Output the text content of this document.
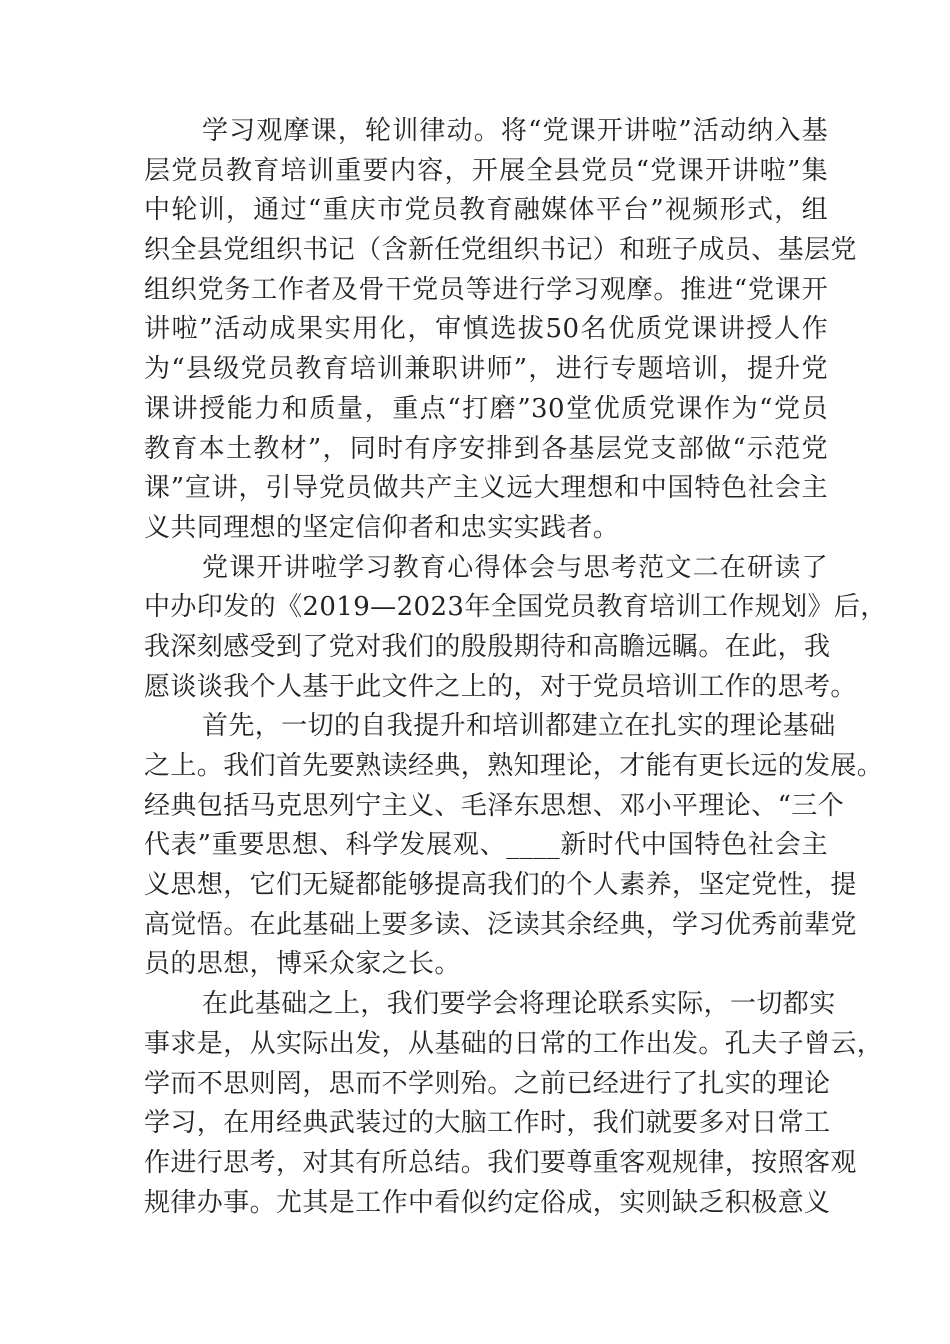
学习观摩课，轮训律动。将“党课开讲啦”活动纳入基
层党员教育培训重要内容，开展全县党员“党课开讲啦”集
中轮训，通过“重庆市党员教育融媒体平台”视频形式，组
织全县党组织书记（含新任党组织书记）和班子成员、基层党
组织党务工作者及骨干党员等进行学习观摩。推进“党课开
讲啦”活动成果实用化，审慎选拔50名优质党课讲授人作
为“县级党员教育培训兼职讲师”，进行专题培训，提升党
课讲授能力和质量，重点“打磨”30堂优质党课作为“党员
教育本土教材”，同时有序安排到各基层党支部做“示范党
课”宣讲，引导党员做共产主义远大理想和中国特色社会主
义共同理想的坚定信仰者和忠实实践者。
党课开讲啦学习教育心得体会与思考范文二在研读了
中办印发的《2019—2023年全国党员教育培训工作规划》后，
我深刻感受到了党对我们的殷殷期待和高瞻远瞩。在此，我
愿谈谈我个人基于此文件之上的，对于党员培训工作的思考。
首先，一切的自我提升和培训都建立在扎实的理论基础
之上。我们首先要熟读经典，熟知理论，才能有更长远的发展。
经典包括马克思列宁主义、毛泽东思想、邓小平理论、“三个
代表”重要思想、科学发展观、____新时代中国特色社会主
义思想，它们无疑都能够提高我们的个人素养，坚定党性，提
高觉悟。在此基础上要多读、泛读其余经典，学习优秀前辈党
员的思想，博采众家之长。
在此基础之上，我们要学会将理论联系实际，一切都实
事求是，从实际出发，从基础的日常的工作出发。孔夫子曾云，
学而不思则罔，思而不学则殆。之前已经进行了扎实的理论
学习，在用经典武装过的大脑工作时，我们就要多对日常工
作进行思考，对其有所总结。我们要尊重客观规律，按照客观
规律办事。尤其是工作中看似约定俗成，实则缺乏积极意义
